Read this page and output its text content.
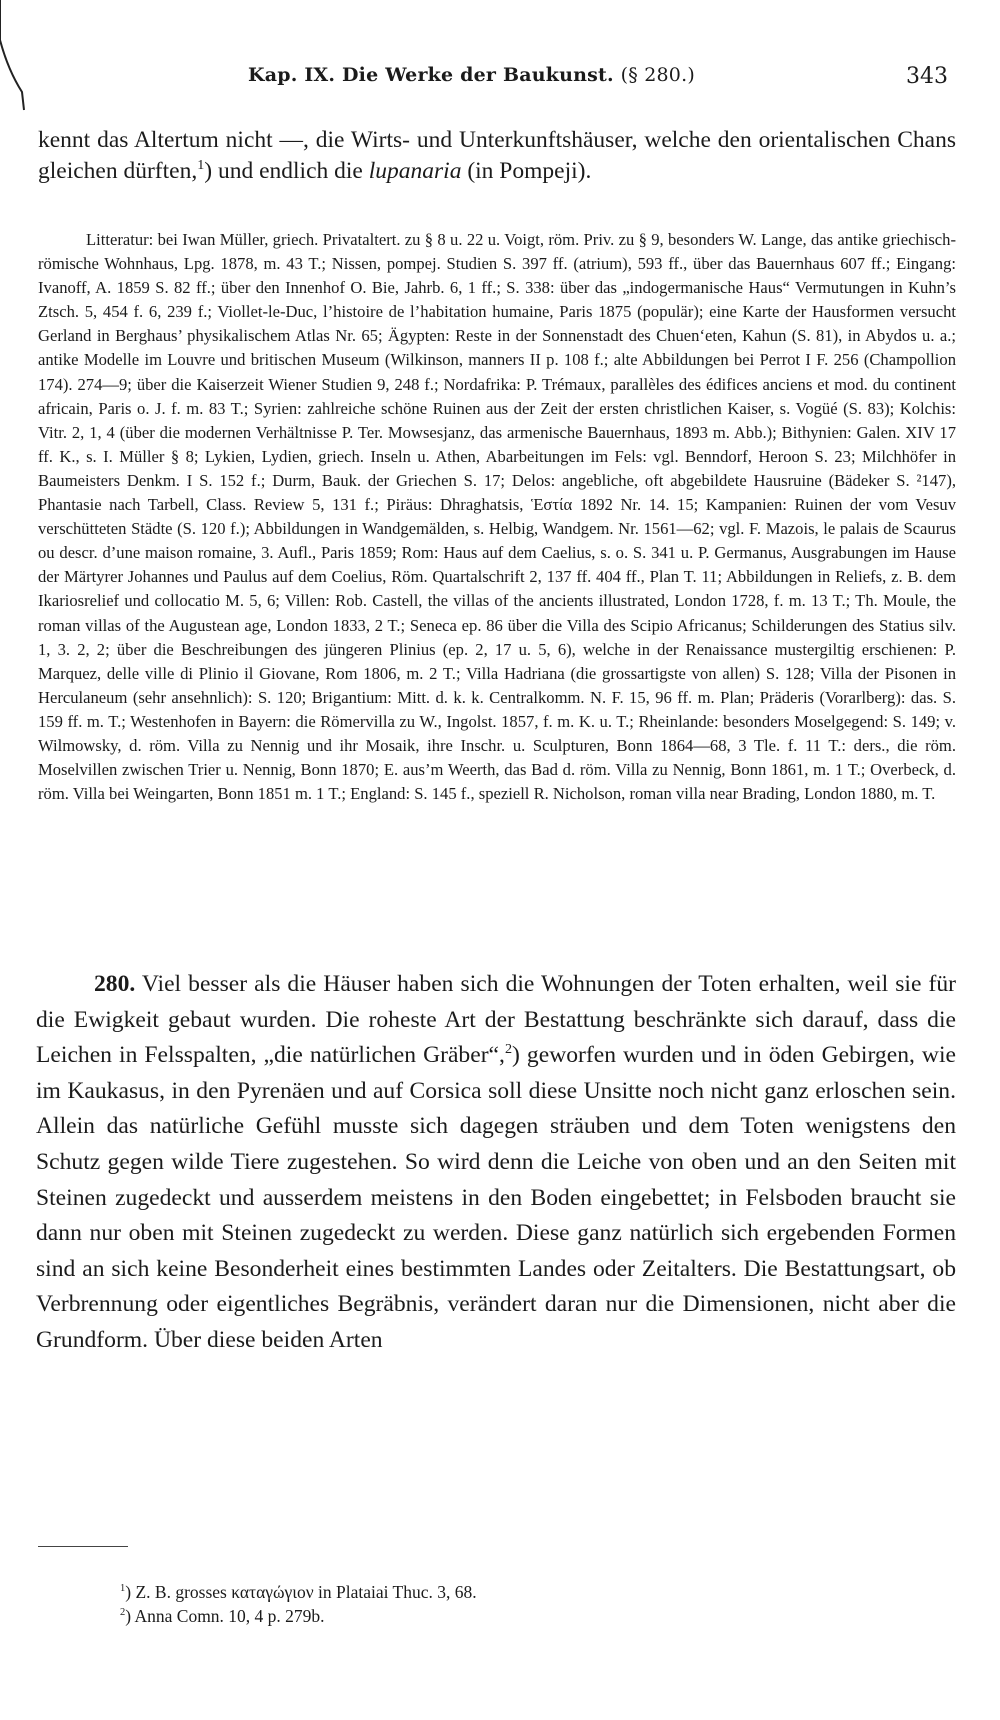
Kap. IX. Die Werke der Baukunst. (§ 280.)	343
kennt das Altertum nicht —, die Wirts- und Unterkunftshäuser, welche den orientalischen Chans gleichen dürften,$^1$) und endlich die lupanaria (in Pompeji).
Litteratur: bei Iwan Müller, griech. Privataltert. zu § 8 u. 22 u. Voigt, röm. Priv. zu § 9, besonders W. Lange, das antike griechisch-römische Wohnhaus, Lpg. 1878, m. 43 T.; Nissen, pompej. Studien S. 397 ff. (atrium), 593 ff., über das Bauernhaus 607 ff.; Eingang: Ivanoff, A. 1859 S. 82 ff.; über den Innenhof O. Bie, Jahrb. 6, 1 ff.; S. 338: über das „indogermanische Haus“ Vermutungen in Kuhn’s Ztsch. 5, 454 f. 6, 239 f.; Viollet-le-Duc, l’histoire de l’habitation humaine, Paris 1875 (populär); eine Karte der Hausformen versucht Gerland in Berghaus’ physikalischem Atlas Nr. 65; Ägypten: Reste in der Sonnenstadt des Chuen‘eten, Kahun (S. 81), in Abydos u. a.; antike Modelle im Louvre und britischen Museum (Wilkinson, manners II p. 108 f.; alte Abbildungen bei Perrot I F. 256 (Champollion 174). 274—9; über die Kaiserzeit Wiener Studien 9, 248 f.; Nordafrika: P. Trémaux, parallèles des édifices anciens et mod. du continent africain, Paris o. J. f. m. 83 T.; Syrien: zahlreiche schöne Ruinen aus der Zeit der ersten christlichen Kaiser, s. Vogüé (S. 83); Kolchis: Vitr. 2, 1, 4 (über die modernen Verhältnisse P. Ter. Mowsesjanz, das armenische Bauernhaus, 1893 m. Abb.); Bithynien: Galen. XIV 17 ff. K., s. I. Müller § 8; Lykien, Lydien, griech. Inseln u. Athen, Abarbeitungen im Fels: vgl. Benndorf, Heroon S. 23; Milchhöfer in Baumeisters Denkm. I S. 152 f.; Durm, Bauk. der Griechen S. 17; Delos: angebliche, oft abgebildete Hausruine (Bädeker S. ²147), Phantasie nach Tarbell, Class. Review 5, 131 f.; Piräus: Dhraghatsis, Ἑστία 1892 Nr. 14. 15; Kampanien: Ruinen der vom Vesuv verschütteten Städte (S. 120 f.); Abbildungen in Wandgemälden, s. Helbig, Wandgem. Nr. 1561—62; vgl. F. Mazois, le palais de Scaurus ou descr. d’une maison romaine, 3. Aufl., Paris 1859; Rom: Haus auf dem Caelius, s. o. S. 341 u. P. Germanus, Ausgrabungen im Hause der Märtyrer Johannes und Paulus auf dem Coelius, Röm. Quartalschrift 2, 137 ff. 404 ff., Plan T. 11; Abbildungen in Reliefs, z. B. dem Ikariosrelief und collocatio M. 5, 6; Villen: Rob. Castell, the villas of the ancients illustrated, London 1728, f. m. 13 T.; Th. Moule, the roman villas of the Augustean age, London 1833, 2 T.; Seneca ep. 86 über die Villa des Scipio Africanus; Schilderungen des Statius silv. 1, 3. 2, 2; über die Beschreibungen des jüngeren Plinius (ep. 2, 17 u. 5, 6), welche in der Renaissance mustergiltig erschienen: P. Marquez, delle ville di Plinio il Giovane, Rom 1806, m. 2 T.; Villa Hadriana (die grossartigste von allen) S. 128; Villa der Pisonen in Herculaneum (sehr ansehnlich): S. 120; Brigantium: Mitt. d. k. k. Centralkomm. N. F. 15, 96 ff. m. Plan; Präderis (Vorarlberg): das. S. 159 ff. m. T.; Westenhofen in Bayern: die Römervilla zu W., Ingolst. 1857, f. m. K. u. T.; Rheinlande: besonders Moselgegend: S. 149; v. Wilmowsky, d. röm. Villa zu Nennig und ihr Mosaik, ihre Inschr. u. Sculpturen, Bonn 1864—68, 3 Tle. f. 11 T.: ders., die röm. Moselvillen zwischen Trier u. Nennig, Bonn 1870; E. aus’m Weerth, das Bad d. röm. Villa zu Nennig, Bonn 1861, m. 1 T.; Overbeck, d. röm. Villa bei Weingarten, Bonn 1851 m. 1 T.; England: S. 145 f., speziell R. Nicholson, roman villa near Brading, London 1880, m. T.
280. Viel besser als die Häuser haben sich die Wohnungen der Toten erhalten, weil sie für die Ewigkeit gebaut wurden. Die roheste Art der Bestattung beschränkte sich darauf, dass die Leichen in Felsspalten, „die natürlichen Gräber“,$^2$) geworfen wurden und in öden Gebirgen, wie im Kaukasus, in den Pyrenäen und auf Corsica soll diese Unsitte noch nicht ganz erloschen sein. Allein das natürliche Gefühl musste sich dagegen sträuben und dem Toten wenigstens den Schutz gegen wilde Tiere zugestehen. So wird denn die Leiche von oben und an den Seiten mit Steinen zugedeckt und ausserdem meistens in den Boden eingebettet; in Felsboden braucht sie dann nur oben mit Steinen zugedeckt zu werden. Diese ganz natürlich sich ergebenden Formen sind an sich keine Besonderheit eines bestimmten Landes oder Zeitalters. Die Bestattungsart, ob Verbrennung oder eigentliches Begräbnis, verändert daran nur die Dimensionen, nicht aber die Grundform. Über diese beiden Arten
$^1$) Z. B. grosses καταγώγιον in Plataiai Thuc. 3, 68.
$^2$) Anna Comn. 10, 4 p. 279b.
